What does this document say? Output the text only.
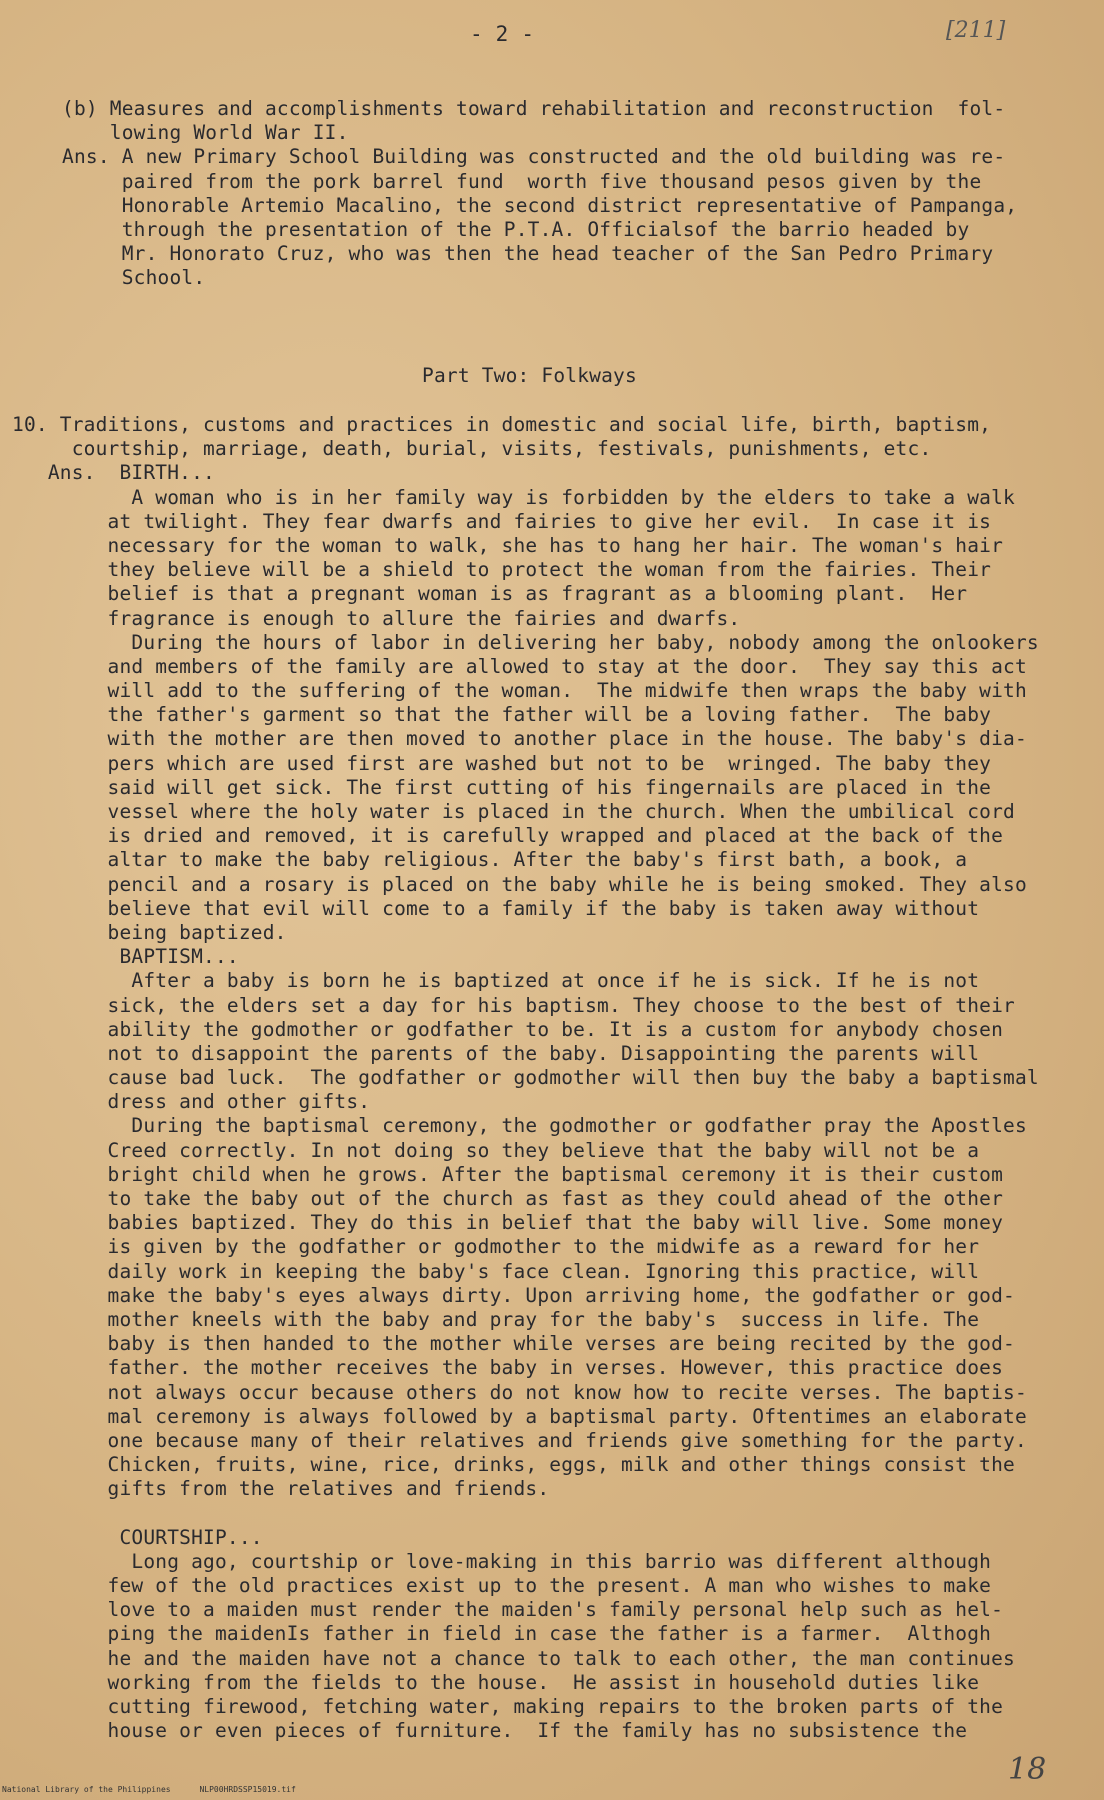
- 2 -	[211]
(b) Measures and accomplishments toward rehabilitation and reconstruction  fol-
lowing World War II.
Ans. A new Primary School Building was constructed and the old building was re-
paired from the pork barrel fund  worth five thousand pesos given by the
Honorable Artemio Macalino, the second district representative of Pampanga,
through the presentation of the P.T.A. Officialsof the barrio headed by
Mr. Honorato Cruz, who was then the head teacher of the San Pedro Primary
School.
Part Two: Folkways
10. Traditions, customs and practices in domestic and social life, birth, baptism,
courtship, marriage, death, burial, visits, festivals, punishments, etc.
Ans.  BIRTH...
A woman who is in her family way is forbidden by the elders to take a walk
at twilight. They fear dwarfs and fairies to give her evil.  In case it is
necessary for the woman to walk, she has to hang her hair. The woman's hair
they believe will be a shield to protect the woman from the fairies. Their
belief is that a pregnant woman is as fragrant as a blooming plant.  Her
fragrance is enough to allure the fairies and dwarfs.
During the hours of labor in delivering her baby, nobody among the onlookers
and members of the family are allowed to stay at the door.  They say this act
will add to the suffering of the woman.  The midwife then wraps the baby with
the father's garment so that the father will be a loving father.  The baby
with the mother are then moved to another place in the house. The baby's dia-
pers which are used first are washed but not to be  wringed. The baby they
said will get sick. The first cutting of his fingernails are placed in the
vessel where the holy water is placed in the church. When the umbilical cord
is dried and removed, it is carefully wrapped and placed at the back of the
altar to make the baby religious. After the baby's first bath, a book, a
pencil and a rosary is placed on the baby while he is being smoked. They also
believe that evil will come to a family if the baby is taken away without
being baptized.
BAPTISM...
After a baby is born he is baptized at once if he is sick. If he is not
sick, the elders set a day for his baptism. They choose to the best of their
ability the godmother or godfather to be. It is a custom for anybody chosen
not to disappoint the parents of the baby. Disappointing the parents will
cause bad luck.  The godfather or godmother will then buy the baby a baptismal
dress and other gifts.
During the baptismal ceremony, the godmother or godfather pray the Apostles
Creed correctly. In not doing so they believe that the baby will not be a
bright child when he grows. After the baptismal ceremony it is their custom
to take the baby out of the church as fast as they could ahead of the other
babies baptized. They do this in belief that the baby will live. Some money
is given by the godfather or godmother to the midwife as a reward for her
daily work in keeping the baby's face clean. Ignoring this practice, will
make the baby's eyes always dirty. Upon arriving home, the godfather or god-
mother kneels with the baby and pray for the baby's  success in life. The
baby is then handed to the mother while verses are being recited by the god-
father. the mother receives the baby in verses. However, this practice does
not always occur because others do not know how to recite verses. The baptis-
mal ceremony is always followed by a baptismal party. Oftentimes an elaborate
one because many of their relatives and friends give something for the party.
Chicken, fruits, wine, rice, drinks, eggs, milk and other things consist the
gifts from the relatives and friends.

COURTSHIP...
Long ago, courtship or love-making in this barrio was different although
few of the old practices exist up to the present. A man who wishes to make
love to a maiden must render the maiden's family personal help such as hel-
ping the maidenIs father in field in case the father is a farmer.  Althogh
he and the maiden have not a chance to talk to each other, the man continues
working from the fields to the house.  He assist in household duties like
cutting firewood, fetching water, making repairs to the broken parts of the
house or even pieces of furniture.  If the family has no subsistence the
National Library of the Philippines      NLP00HRDSSP15019.tif
18
